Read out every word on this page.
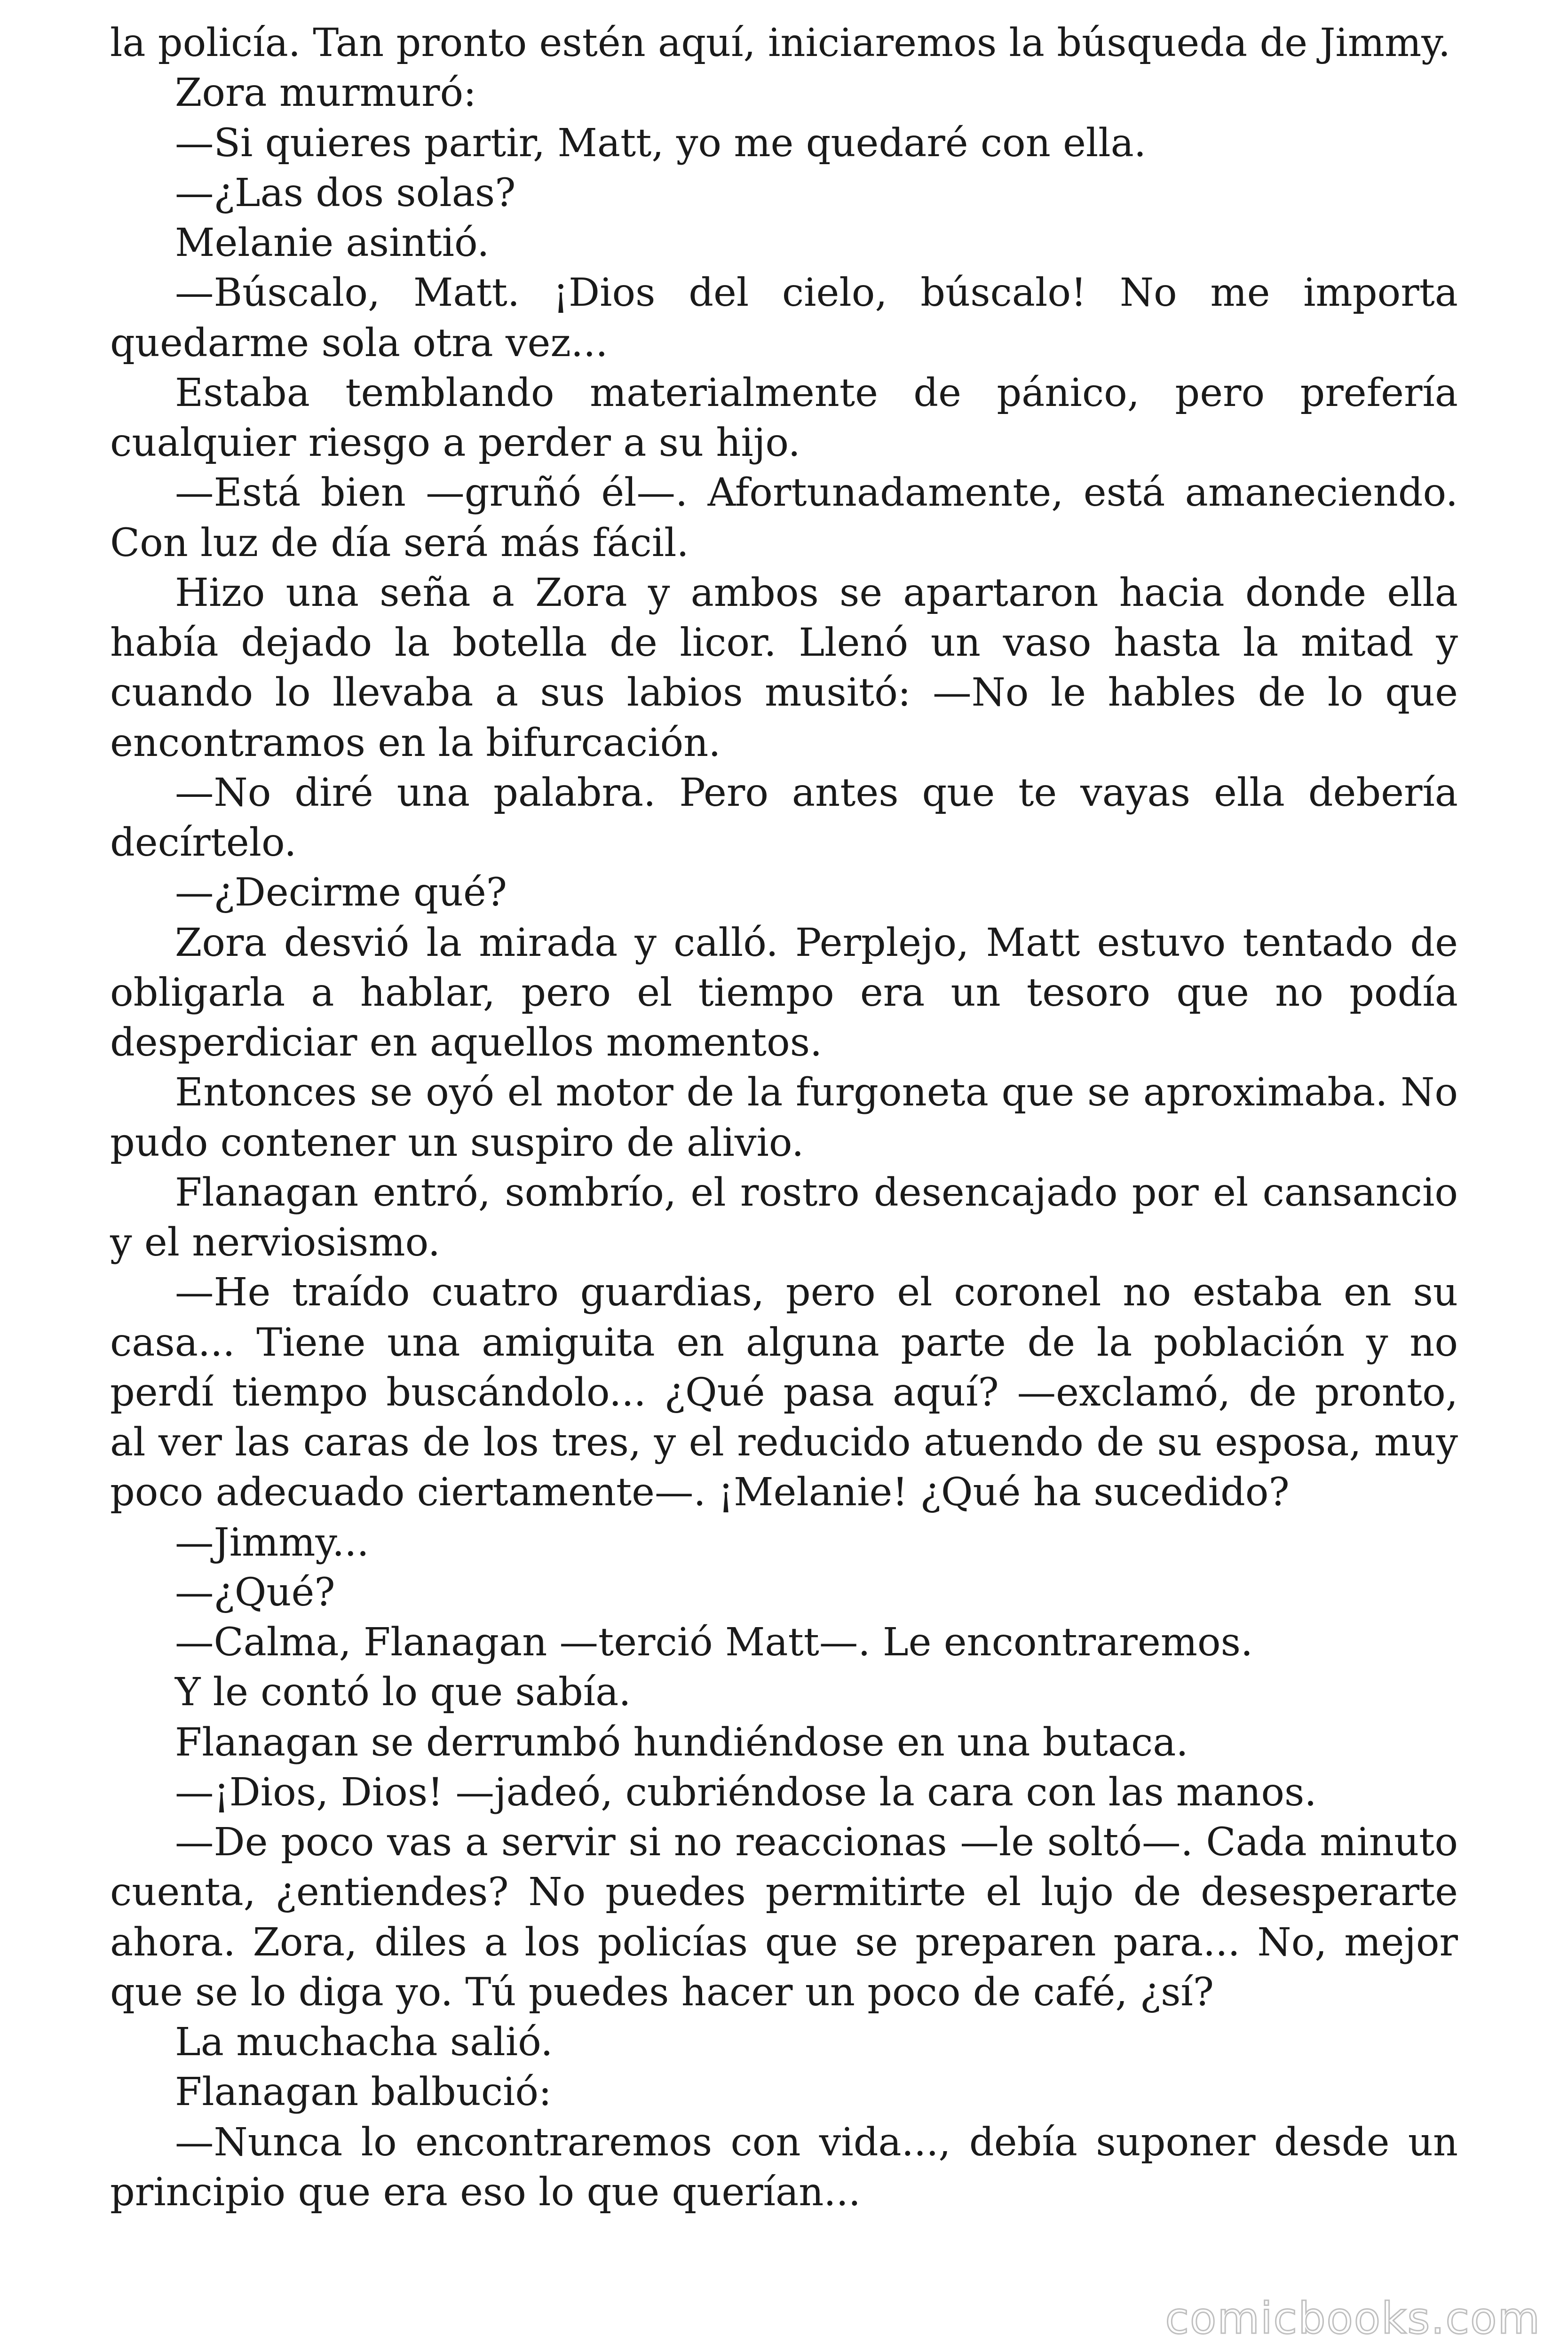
la policía. Tan pronto estén aquí, iniciaremos la búsqueda de Jimmy.

Zora murmuró:

—Si quieres partir, Matt, yo me quedaré con ella.

—¿Las dos solas?

Melanie asintió.

—Búscalo, Matt. ¡Dios del cielo, búscalo! No me importa quedarme sola otra vez...

Estaba temblando materialmente de pánico, pero prefería cualquier riesgo a perder a su hijo.

—Está bien —gruñó él—. Afortunadamente, está amaneciendo. Con luz de día será más fácil.

Hizo una seña a Zora y ambos se apartaron hacia donde ella había dejado la botella de licor. Llenó un vaso hasta la mitad y cuando lo llevaba a sus labios musitó: —No le hables de lo que encontramos en la bifurcación.

—No diré una palabra. Pero antes que te vayas ella debería decírtelo.

—¿Decirme qué?

Zora desvió la mirada y calló. Perplejo, Matt estuvo tentado de obligarla a hablar, pero el tiempo era un tesoro que no podía desperdiciar en aquellos momentos.

Entonces se oyó el motor de la furgoneta que se aproximaba. No pudo contener un suspiro de alivio.

Flanagan entró, sombrío, el rostro desencajado por el cansancio y el nerviosismo.

—He traído cuatro guardias, pero el coronel no estaba en su casa... Tiene una amiguita en alguna parte de la población y no perdí tiempo buscándolo... ¿Qué pasa aquí? —exclamó, de pronto, al ver las caras de los tres, y el reducido atuendo de su esposa, muy poco adecuado ciertamente—. ¡Melanie! ¿Qué ha sucedido?

—Jimmy...

—¿Qué?

—Calma, Flanagan —terció Matt—. Le encontraremos.

Y le contó lo que sabía.

Flanagan se derrumbó hundiéndose en una butaca.

—¡Dios, Dios! —jadeó, cubriéndose la cara con las manos.

—De poco vas a servir si no reaccionas —le soltó—. Cada minuto cuenta, ¿entiendes? No puedes permitirte el lujo de desesperarte ahora. Zora, diles a los policías que se preparen para... No, mejor que se lo diga yo. Tú puedes hacer un poco de café, ¿sí?

La muchacha salió.

Flanagan balbució:

—Nunca lo encontraremos con vida..., debía suponer desde un principio que era eso lo que querían...

comicbooks.com
